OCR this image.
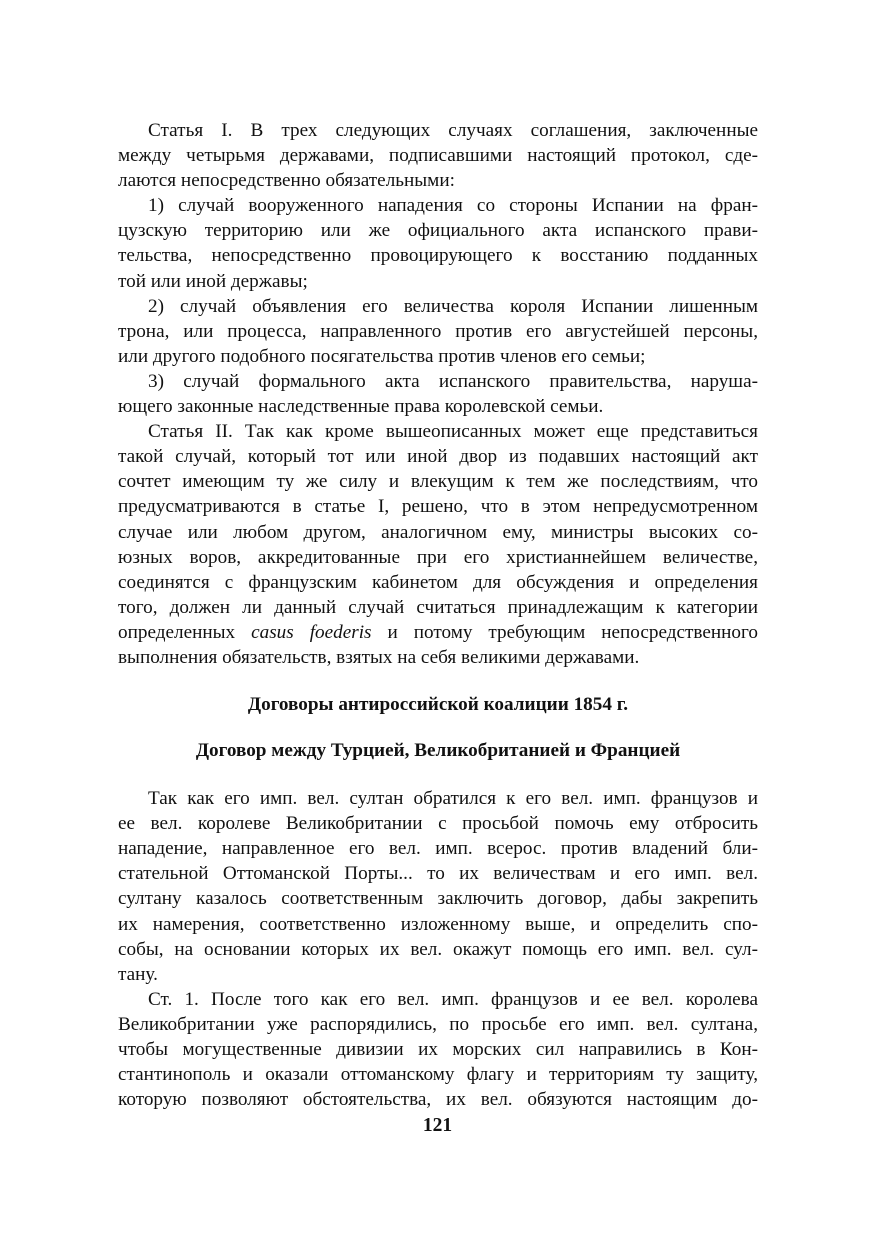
Статья I. В трех следующих случаях соглашения, заключенные
между четырьмя державами, подписавшими настоящий протокол, сде-
лаются непосредственно обязательными:
1) случай вооруженного нападения со стороны Испании на фран-
цузскую территорию или же официального акта испанского прави-
тельства, непосредственно провоцирующего к восстанию подданных
той или иной державы;
2) случай объявления его величества короля Испании лишенным
трона, или процесса, направленного против его августейшей персоны,
или другого подобного посягательства против членов его семьи;
3) случай формального акта испанского правительства, наруша-
ющего законные наследственные права королевской семьи.
Статья II. Так как кроме вышеописанных может еще представиться
такой случай, который тот или иной двор из подавших настоящий акт
сочтет имеющим ту же силу и влекущим к тем же последствиям, что
предусматриваются в статье I, решено, что в этом непредусмотренном
случае или любом другом, аналогичном ему, министры высоких со-
юзных воров, аккредитованные при его христианнейшем величестве,
соединятся с французским кабинетом для обсуждения и определения
того, должен ли данный случай считаться принадлежащим к категории
определенных casus foederis и потому требующим непосредственного
выполнения обязательств, взятых на себя великими державами.
Договоры антироссийской коалиции 1854 г.
Договор между Турцией, Великобританией и Францией
Так как его имп. вел. султан обратился к его вел. имп. французов и
ее вел. королеве Великобритании с просьбой помочь ему отбросить
нападение, направленное его вел. имп. всерос. против владений бли-
стательной Оттоманской Порты... то их величествам и его имп. вел.
султану казалось соответственным заключить договор, дабы закрепить
их намерения, соответственно изложенному выше, и определить спо-
собы, на основании которых их вел. окажут помощь его имп. вел. сул-
тану.
Ст. 1. После того как его вел. имп. французов и ее вел. королева
Великобритании уже распорядились, по просьбе его имп. вел. султана,
чтобы могущественные дивизии их морских сил направились в Кон-
стантинополь и оказали оттоманскому флагу и территориям ту защиту,
которую позволяют обстоятельства, их вел. обязуются настоящим до-
121
